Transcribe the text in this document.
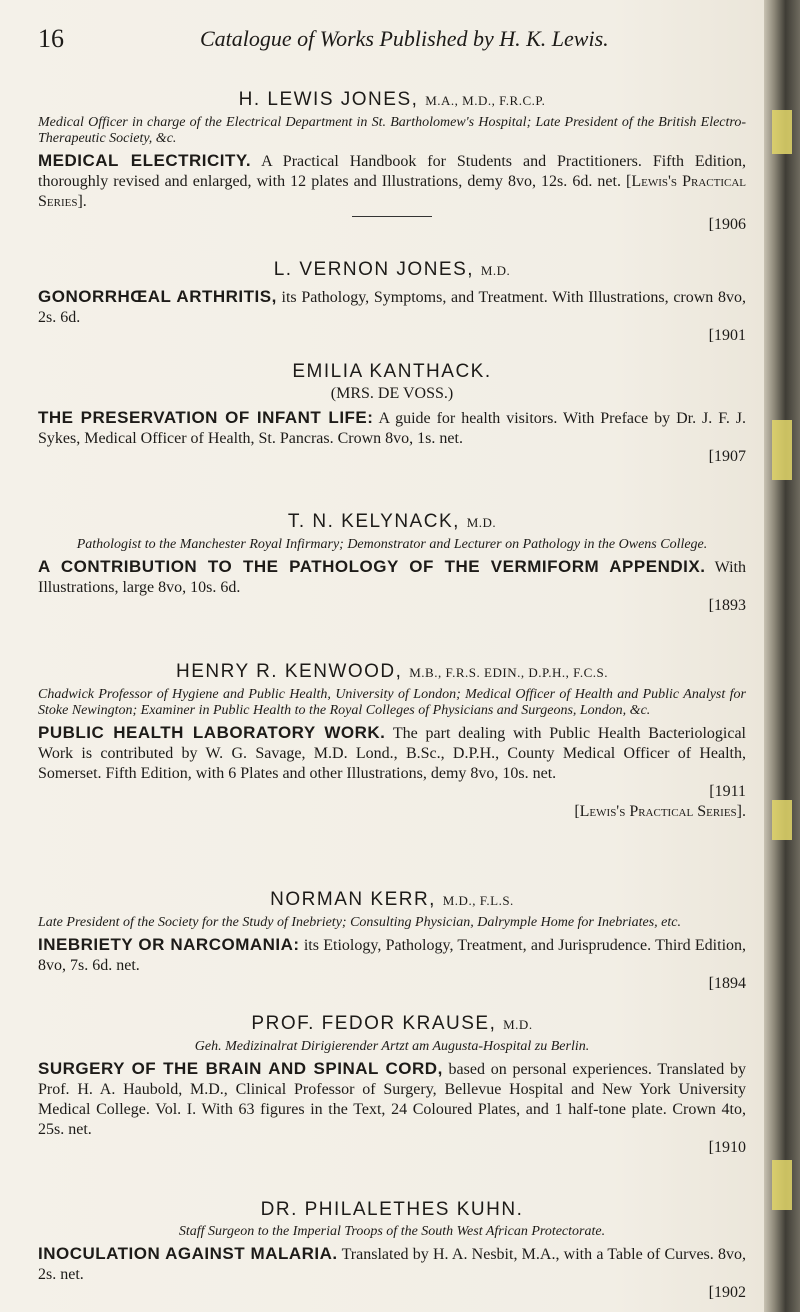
16	Catalogue of Works Published by H. K. Lewis.

H. LEWIS JONES, M.A., M.D., F.R.C.P.

Medical Officer in charge of the Electrical Department in St. Bartholomew's Hospital; Late President of the British Electro-Therapeutic Society, &c.

MEDICAL ELECTRICITY. A Practical Handbook for Students and Practitioners. Fifth Edition, thoroughly revised and enlarged, with 12 plates and Illustrations, demy 8vo, 12s. 6d. net. [Lewis's Practical Series].

[1906

L. VERNON JONES, M.D.

GONORRHŒAL ARTHRITIS, its Pathology, Symptoms, and Treatment. With Illustrations, crown 8vo, 2s. 6d.

[1901

EMILIA KANTHACK.

(MRS. DE VOSS.)

THE PRESERVATION OF INFANT LIFE: A guide for health visitors. With Preface by Dr. J. F. J. Sykes, Medical Officer of Health, St. Pancras. Crown 8vo, 1s. net.

[1907

T. N. KELYNACK, M.D.

Pathologist to the Manchester Royal Infirmary; Demonstrator and Lecturer on Pathology in the Owens College.

A CONTRIBUTION TO THE PATHOLOGY OF THE VERMIFORM APPENDIX. With Illustrations, large 8vo, 10s. 6d.

[1893

HENRY R. KENWOOD, M.B., F.R.S. EDIN., D.P.H., F.C.S.

Chadwick Professor of Hygiene and Public Health, University of London; Medical Officer of Health and Public Analyst for Stoke Newington; Examiner in Public Health to the Royal Colleges of Physicians and Surgeons, London, &c.

PUBLIC HEALTH LABORATORY WORK. The part dealing with Public Health Bacteriological Work is contributed by W. G. Savage, M.D. Lond., B.Sc., D.P.H., County Medical Officer of Health, Somerset. Fifth Edition, with 6 Plates and other Illustrations, demy 8vo, 10s. net.

[1911

[Lewis's Practical Series].

NORMAN KERR, M.D., F.L.S.

Late President of the Society for the Study of Inebriety; Consulting Physician, Dalrymple Home for Inebriates, etc.

INEBRIETY OR NARCOMANIA: its Etiology, Pathology, Treatment, and Jurisprudence. Third Edition, 8vo, 7s. 6d. net.

[1894

PROF. FEDOR KRAUSE, M.D.

Geh. Medizinalrat Dirigierender Artzt am Augusta-Hospital zu Berlin.

SURGERY OF THE BRAIN AND SPINAL CORD, based on personal experiences. Translated by Prof. H. A. Haubold, M.D., Clinical Professor of Surgery, Bellevue Hospital and New York University Medical College. Vol. I. With 63 figures in the Text, 24 Coloured Plates, and 1 half-tone plate. Crown 4to, 25s. net.

[1910

DR. PHILALETHES KUHN.

Staff Surgeon to the Imperial Troops of the South West African Protectorate.

INOCULATION AGAINST MALARIA. Translated by H. A. Nesbit, M.A., with a Table of Curves. 8vo, 2s. net.

[1902
